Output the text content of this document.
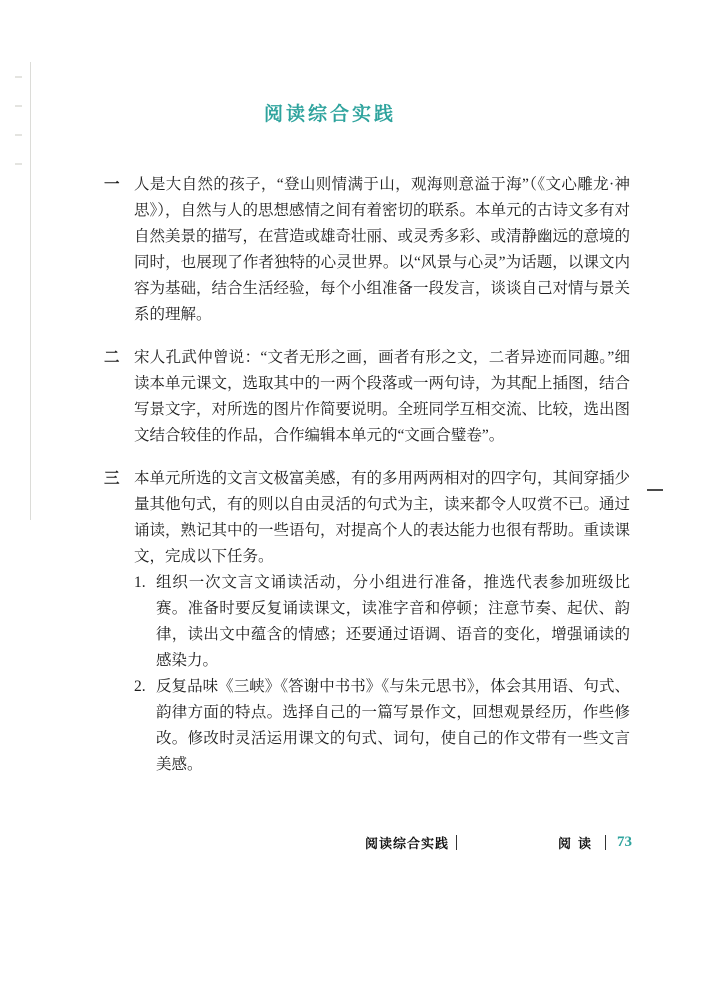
阅读综合实践
一 人是大自然的孩子，“登山则情满于山，观海则意溢于海”（《文心雕龙·神思》），自然与人的思想感情之间有着密切的联系。本单元的古诗文多有对自然美景的描写，在营造或雄奇壮丽、或灵秀多彩、或清静幽远的意境的同时，也展现了作者独特的心灵世界。以“风景与心灵”为话题，以课文内容为基础，结合生活经验，每个小组准备一段发言，谈谈自己对情与景关系的理解。
二 宋人孔武仲曾说：“文者无形之画，画者有形之文，二者异迹而同趣。”细读本单元课文，选取其中的一两个段落或一两句诗，为其配上插图，结合写景文字，对所选的图片作简要说明。全班同学互相交流、比较，选出图文结合较佳的作品，合作编辑本单元的“文画合璧卷”。
三 本单元所选的文言文极富美感，有的多用两两相对的四字句，其间穿插少量其他句式，有的则以自由灵活的句式为主，读来都令人叹赏不已。通过诵读，熟记其中的一些语句，对提高个人的表达能力也很有帮助。重读课文，完成以下任务。
1. 组织一次文言文诵读活动，分小组进行准备，推选代表参加班级比赛。准备时要反复诵读课文，读准字音和停顿；注意节奏、起伏、韵律，读出文中蕴含的情感；还要通过语调、语音的变化，增强诵读的感染力。
2. 反复品味《三峡》《答谢中书书》《与朱元思书》，体会其用语、句式、韵律方面的特点。选择自己的一篇写景作文，回想观景经历，作些修改。修改时灵活运用课文的句式、词句，使自己的作文带有一些文言美感。
阅读综合实践	阅读 73
